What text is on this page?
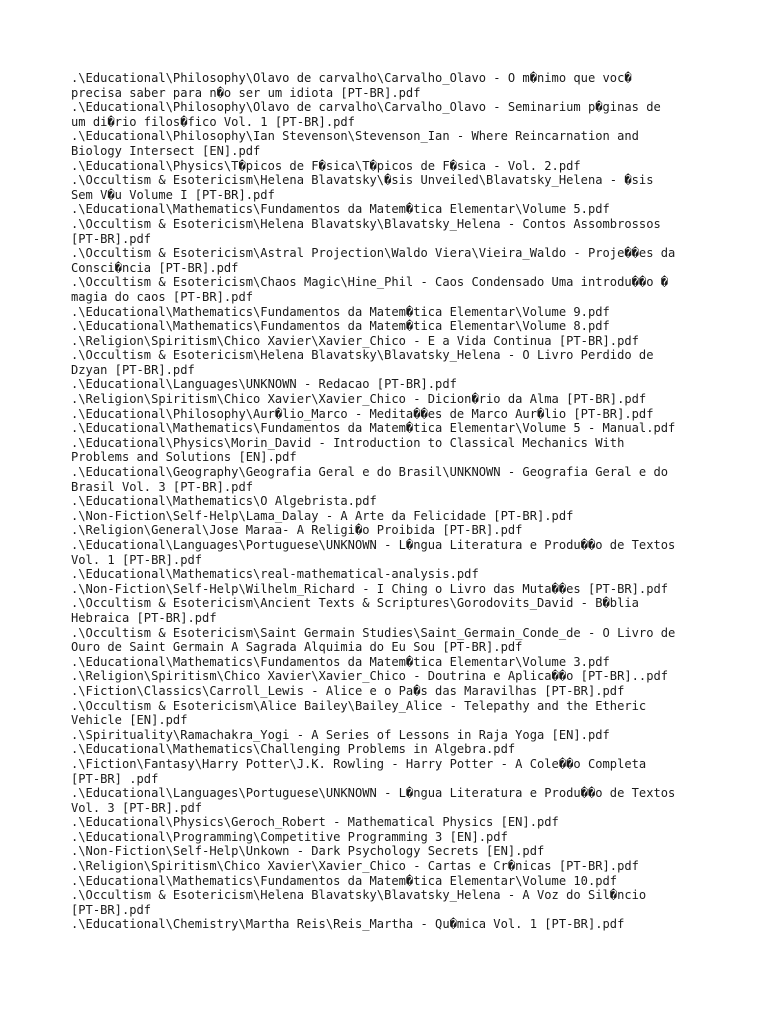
.\Educational\Philosophy\Olavo de carvalho\Carvalho_Olavo - O m�nimo que voc�
precisa saber para n�o ser um idiota [PT-BR].pdf
.\Educational\Philosophy\Olavo de carvalho\Carvalho_Olavo - Seminarium p�ginas de
um di�rio filos�fico Vol. 1 [PT-BR].pdf
.\Educational\Philosophy\Ian Stevenson\Stevenson_Ian - Where Reincarnation and
Biology Intersect [EN].pdf
.\Educational\Physics\T�picos de F�sica\T�picos de F�sica - Vol. 2.pdf
.\Occultism & Esotericism\Helena Blavatsky\�sis Unveiled\Blavatsky_Helena - �sis
Sem V�u Volume I [PT-BR].pdf
.\Educational\Mathematics\Fundamentos da Matem�tica Elementar\Volume 5.pdf
.\Occultism & Esotericism\Helena Blavatsky\Blavatsky_Helena - Contos Assombrossos
[PT-BR].pdf
.\Occultism & Esotericism\Astral Projection\Waldo Viera\Vieira_Waldo - Proje��es da
Consci�ncia [PT-BR].pdf
.\Occultism & Esotericism\Chaos Magic\Hine_Phil - Caos Condensado Uma introdu��o �
magia do caos [PT-BR].pdf
.\Educational\Mathematics\Fundamentos da Matem�tica Elementar\Volume 9.pdf
.\Educational\Mathematics\Fundamentos da Matem�tica Elementar\Volume 8.pdf
.\Religion\Spiritism\Chico Xavier\Xavier_Chico - E a Vida Continua [PT-BR].pdf
.\Occultism & Esotericism\Helena Blavatsky\Blavatsky_Helena - O Livro Perdido de
Dzyan [PT-BR].pdf
.\Educational\Languages\UNKNOWN - Redacao [PT-BR].pdf
.\Religion\Spiritism\Chico Xavier\Xavier_Chico - Dicion�rio da Alma [PT-BR].pdf
.\Educational\Philosophy\Aur�lio_Marco - Medita��es de Marco Aur�lio [PT-BR].pdf
.\Educational\Mathematics\Fundamentos da Matem�tica Elementar\Volume 5 - Manual.pdf
.\Educational\Physics\Morin_David - Introduction to Classical Mechanics With
Problems and Solutions [EN].pdf
.\Educational\Geography\Geografia Geral e do Brasil\UNKNOWN - Geografia Geral e do
Brasil Vol. 3 [PT-BR].pdf
.\Educational\Mathematics\O Algebrista.pdf
.\Non-Fiction\Self-Help\Lama_Dalay - A Arte da Felicidade [PT-BR].pdf
.\Religion\General\Jose Maraa- A Religi�o Proibida [PT-BR].pdf
.\Educational\Languages\Portuguese\UNKNOWN - L�ngua Literatura e Produ��o de Textos
Vol. 1 [PT-BR].pdf
.\Educational\Mathematics\real-mathematical-analysis.pdf
.\Non-Fiction\Self-Help\Wilhelm_Richard - I Ching o Livro das Muta��es [PT-BR].pdf
.\Occultism & Esotericism\Ancient Texts & Scriptures\Gorodovits_David - B�blia
Hebraica [PT-BR].pdf
.\Occultism & Esotericism\Saint Germain Studies\Saint_Germain_Conde_de - O Livro de
Ouro de Saint Germain A Sagrada Alquimia do Eu Sou [PT-BR].pdf
.\Educational\Mathematics\Fundamentos da Matem�tica Elementar\Volume 3.pdf
.\Religion\Spiritism\Chico Xavier\Xavier_Chico - Doutrina e Aplica��o [PT-BR]..pdf
.\Fiction\Classics\Carroll_Lewis - Alice e o Pa�s das Maravilhas [PT-BR].pdf
.\Occultism & Esotericism\Alice Bailey\Bailey_Alice - Telepathy and the Etheric
Vehicle [EN].pdf
.\Spirituality\Ramachakra_Yogi - A Series of Lessons in Raja Yoga [EN].pdf
.\Educational\Mathematics\Challenging Problems in Algebra.pdf
.\Fiction\Fantasy\Harry Potter\J.K. Rowling - Harry Potter - A Cole��o Completa
[PT-BR] .pdf
.\Educational\Languages\Portuguese\UNKNOWN - L�ngua Literatura e Produ��o de Textos
Vol. 3 [PT-BR].pdf
.\Educational\Physics\Geroch_Robert - Mathematical Physics [EN].pdf
.\Educational\Programming\Competitive Programming 3 [EN].pdf
.\Non-Fiction\Self-Help\Unkown - Dark Psychology Secrets [EN].pdf
.\Religion\Spiritism\Chico Xavier\Xavier_Chico - Cartas e Cr�nicas [PT-BR].pdf
.\Educational\Mathematics\Fundamentos da Matem�tica Elementar\Volume 10.pdf
.\Occultism & Esotericism\Helena Blavatsky\Blavatsky_Helena - A Voz do Sil�ncio
[PT-BR].pdf
.\Educational\Chemistry\Martha Reis\Reis_Martha - Qu�mica Vol. 1 [PT-BR].pdf
